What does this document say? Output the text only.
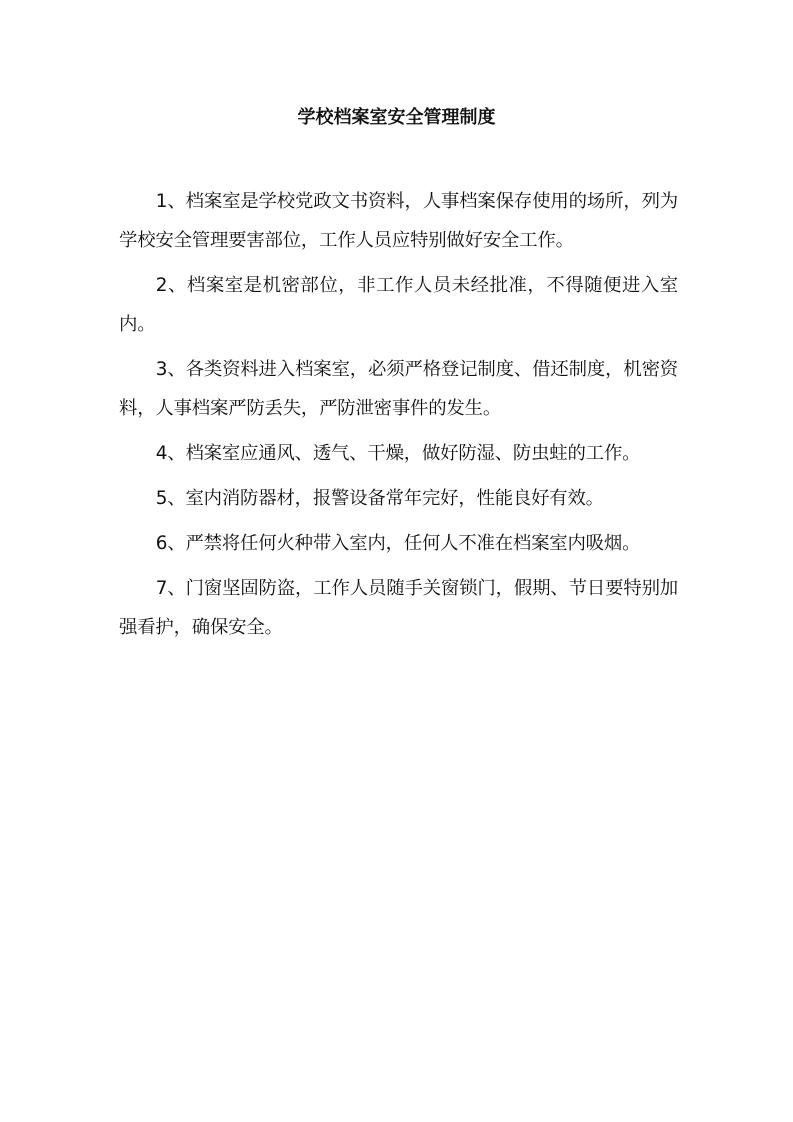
学校档案室安全管理制度

1、档案室是学校党政文书资料，人事档案保存使用的场所，列为学校安全管理要害部位，工作人员应特别做好安全工作。

2、档案室是机密部位，非工作人员未经批准，不得随便进入室内。

3、各类资料进入档案室，必须严格登记制度、借还制度，机密资料，人事档案严防丢失，严防泄密事件的发生。

4、档案室应通风、透气、干燥，做好防湿、防虫蛀的工作。

5、室内消防器材，报警设备常年完好，性能良好有效。

6、严禁将任何火种带入室内，任何人不准在档案室内吸烟。

7、门窗坚固防盗，工作人员随手关窗锁门，假期、节日要特别加强看护，确保安全。
